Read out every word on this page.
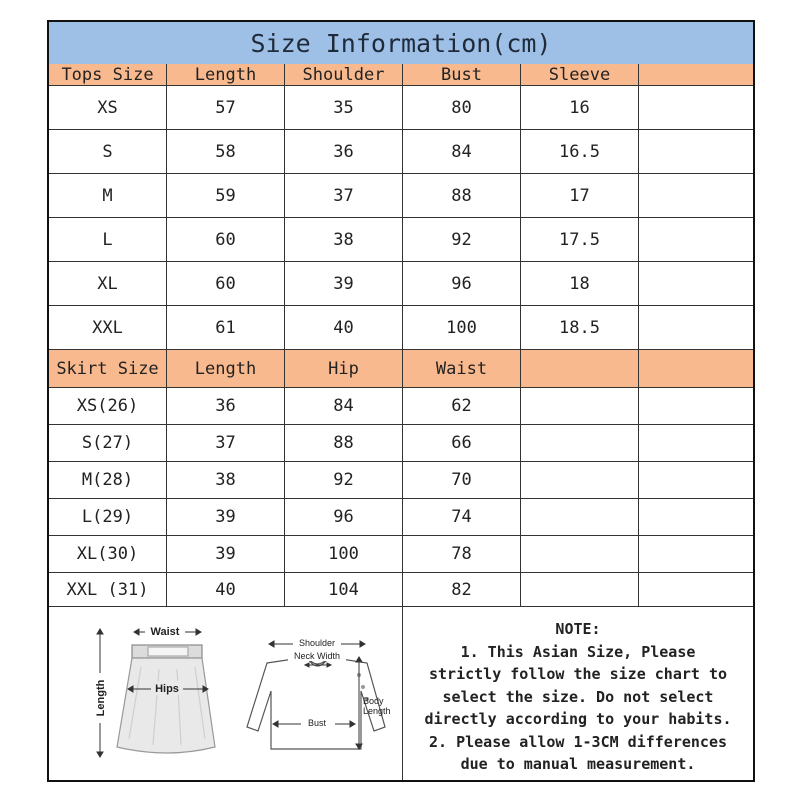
Size Information(cm)
Tops Size	Length	Shoulder	Bust	Sleeve
XS	57	35	80	16
S	58	36	84	16.5
M	59	37	88	17
L	60	38	92	17.5
XL	60	39	96	18
XXL	61	40	100	18.5
Skirt Size	Length	Hip	Waist
XS(26)	36	84	62
S(27)	37	88	66
M(28)	38	92	70
L(29)	39	96	74
XL(30)	39	100	78
XXL (31)	40	104	82
Waist
Hips
Length
Shoulder
Neck Width
Bust
Body
Length
NOTE:
1. This Asian Size, Please
strictly follow the size chart to
select the size. Do not select
directly according to your habits.
2. Please allow 1-3CM differences
due to manual measurement.
